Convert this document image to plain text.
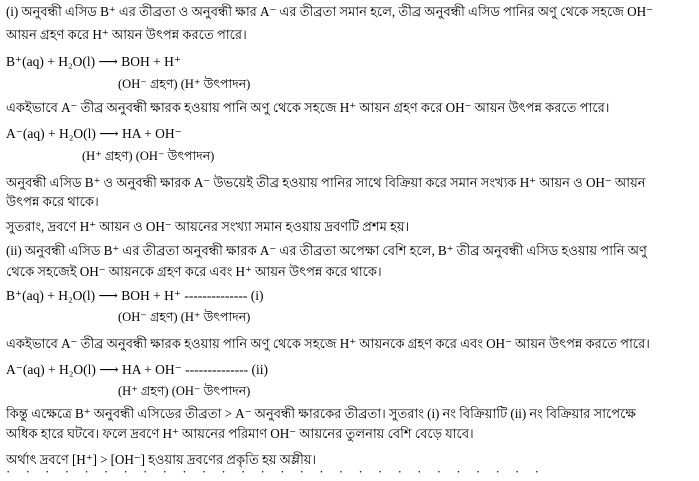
(i) অনুবন্ধী এসিড B⁺ এর তীব্রতা ও অনুবন্ধী ক্ষার A⁻ এর তীব্রতা সমান হলে, তীব্র অনুবন্ধী এসিড পানির অণু থেকে সহজে OH⁻
আয়ন গ্রহণ করে H⁺ আয়ন উৎপন্ন করতে পারে।
B⁺(aq) + H₂O(l) ⟶ BOH + H⁺
(OH⁻ গ্রহণ) (H⁺ উৎপাদন)
একইভাবে A⁻ তীব্র অনুবন্ধী ক্ষারক হওয়ায় পানি অণু থেকে সহজে H⁺ আয়ন গ্রহণ করে OH⁻ আয়ন উৎপন্ন করতে পারে।
A⁻(aq) + H₂O(l) ⟶ HA + OH⁻
(H⁺ গ্রহণ) (OH⁻ উৎপাদন)
অনুবন্ধী এসিড B⁺ ও অনুবন্ধী ক্ষারক A⁻ উভয়েই তীব্র হওয়ায় পানির সাথে বিক্রিয়া করে সমান সংখ্যক H⁺ আয়ন ও OH⁻ আয়ন
উৎপন্ন করে থাকে।
সুতরাং, দ্রবণে H⁺ আয়ন ও OH⁻ আয়নের সংখ্যা সমান হওয়ায় দ্রবণটি প্রশম হয়।
(ii) অনুবন্ধী এসিড B⁺ এর তীব্রতা অনুবন্ধী ক্ষারক A⁻ এর তীব্রতা অপেক্ষা বেশি হলে, B⁺ তীব্র অনুবন্ধী এসিড হওয়ায় পানি অণু
থেকে সহজেই OH⁻ আয়নকে গ্রহণ করে এবং H⁺ আয়ন উৎপন্ন করে থাকে।
B⁺(aq) + H₂O(l) ⟶ BOH + H⁺ -------------- (i)
(OH⁻ গ্রহণ) (H⁺ উৎপাদন)
একইভাবে A⁻ তীব্র অনুবন্ধী ক্ষারক হওয়ায় পানি অণু থেকে সহজে H⁺ আয়নকে গ্রহণ করে এবং OH⁻ আয়ন উৎপন্ন করতে পারে।
A⁻(aq) + H₂O(l) ⟶ HA + OH⁻ -------------- (ii)
(H⁺ গ্রহণ) (OH⁻ উৎপাদন)
কিন্তু এক্ষেত্রে B⁺ অনুবন্ধী এসিডের তীব্রতা > A⁻ অনুবন্ধী ক্ষারকের তীব্রতা। সুতরাং (i) নং বিক্রিয়াটি (ii) নং বিক্রিয়ার সাপেক্ষে
অধিক হারে ঘটবে। ফলে দ্রবণে H⁺ আয়নের পরিমাণ OH⁻ আয়নের তুলনায় বেশি বেড়ে যাবে।
অর্থাৎ দ্রবণে [H⁺] > [OH⁻] হওয়ায় দ্রবণের প্রকৃতি হয় অম্লীয়।
· · · · · · · · · · · · · · · · · · · · · · · · · · · ·
